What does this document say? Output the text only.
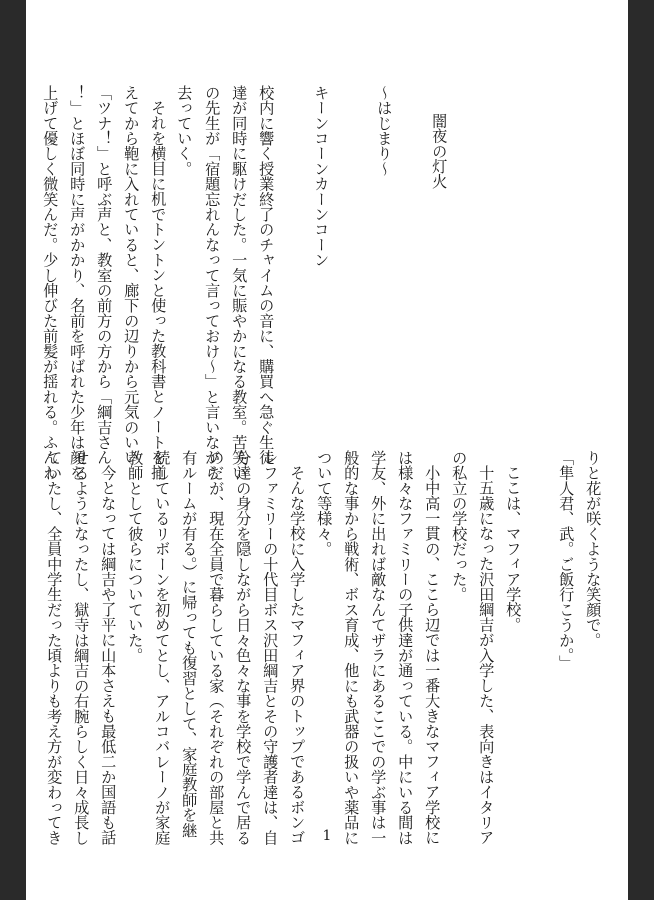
闇夜の灯火
～はじまり～
キーンコーンカーンコーン
校内に響く授業終了のチャイムの音に、購買へ急ぐ生徒
達が同時に駆けだした。一気に賑やかになる教室。苦笑い
の先生が「宿題忘れんなって言っておけ～」と言いながら
去っていく。
それを横目に机でトントンと使った教科書とノートを揃
えてから鞄に入れていると、廊下の辺りから元気のいい
「ツナ！」と呼ぶ声と、教室の前方の方から「綱吉さん
！」とほぼ同時に声がかかり、名前を呼ばれた少年は顔を
上げて優しく微笑んだ。少し伸びた前髪が揺れる。ふんわ
りと花が咲くような笑顔で。
「隼人君、武。ご飯行こうか。」
ここは、マフィア学校。
十五歳になった沢田綱吉が入学した、表向きはイタリア
の私立の学校だった。
小中高一貫の、ここら辺では一番大きなマフィア学校に
は様々なファミリーの子供達が通っている。中にいる間は
学友、外に出れば敵なんてザラにあるここでの学ぶ事は一
般的な事から戦術、ボス育成、他にも武器の扱いや薬品に
ついて等様々。
そんな学校に入学したマフィア界のトップであるボンゴ
レファミリーの十代目ボス沢田綱吉とその守護者達は、自
分達の身分を隠しながら日々色々な事を学校で学んで居る
のだが、現在全員で暮らしている家（それぞれの部屋と共
有ルームが有る。）に帰っても復習として、家庭教師を継
続しているリボーンを初めてとし、アルコバレーノが家庭
教師として彼らについていた。
今となっては綱吉や了平に山本さえも最低二か国語も話
せるようになったし、獄寺は綱吉の右腕らしく日々成長し
ていたし、全員中学生だった頃よりも考え方が変わってき	1
